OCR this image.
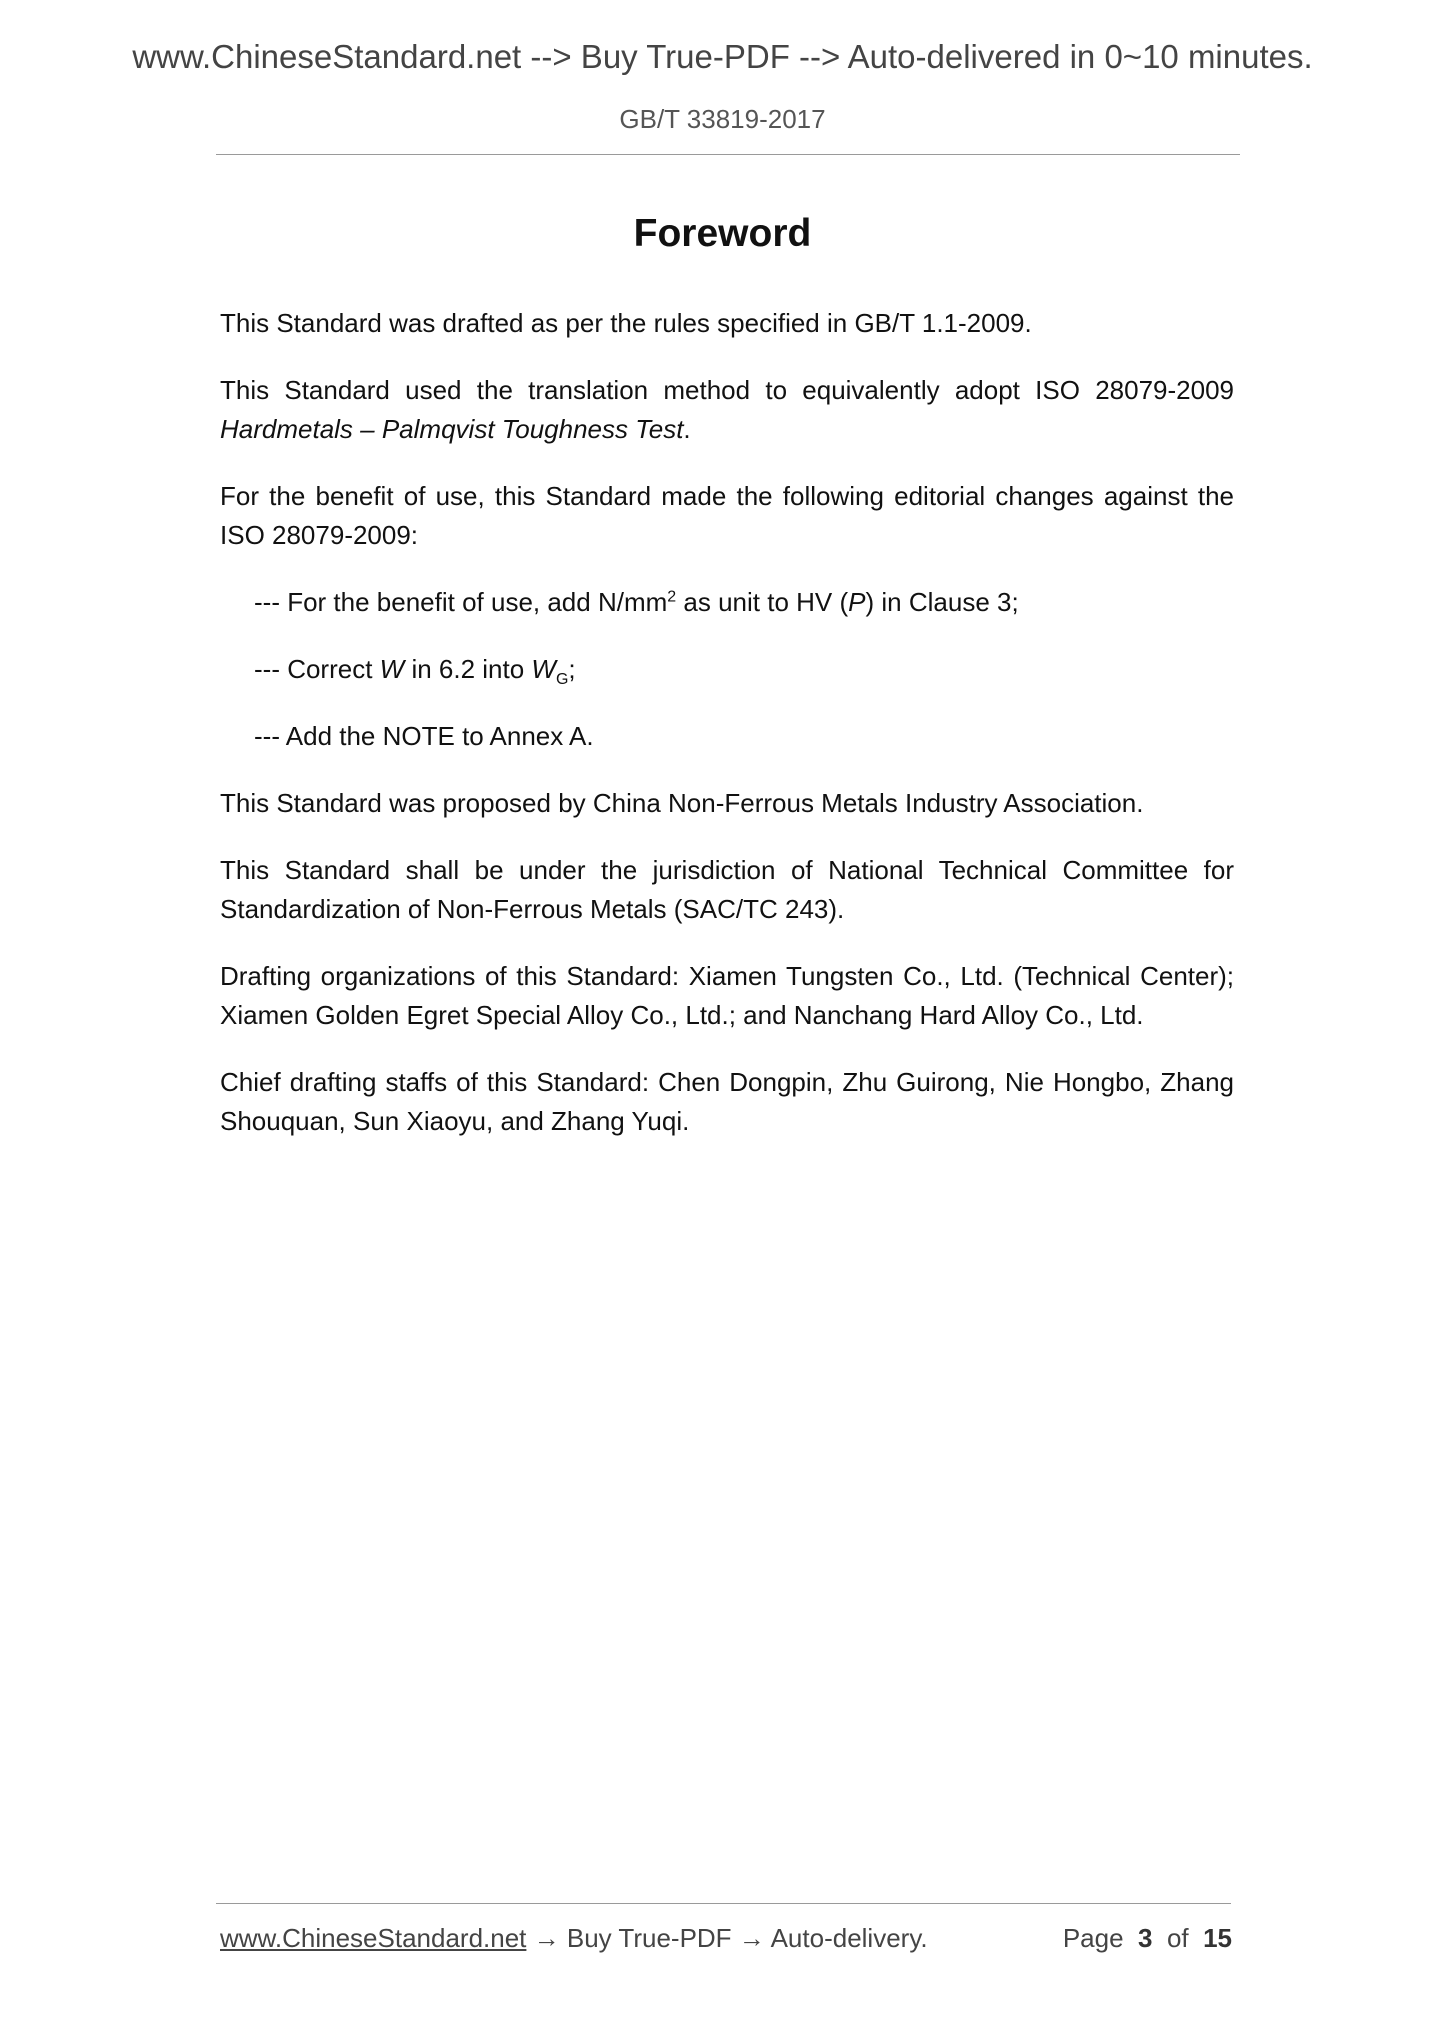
www.ChineseStandard.net --> Buy True-PDF --> Auto-delivered in 0~10 minutes.
GB/T 33819-2017
Foreword

This Standard was drafted as per the rules specified in GB/T 1.1-2009.

This Standard used the translation method to equivalently adopt ISO 28079-2009 Hardmetals – Palmqvist Toughness Test.

For the benefit of use, this Standard made the following editorial changes against the ISO 28079-2009:

--- For the benefit of use, add $N/mm^2$ as unit to HV (P) in Clause 3;

--- Correct W in 6.2 into $W_G$;

--- Add the NOTE to Annex A.

This Standard was proposed by China Non-Ferrous Metals Industry Association.

This Standard shall be under the jurisdiction of National Technical Committee for Standardization of Non-Ferrous Metals (SAC/TC 243).

Drafting organizations of this Standard: Xiamen Tungsten Co., Ltd. (Technical Center); Xiamen Golden Egret Special Alloy Co., Ltd.; and Nanchang Hard Alloy Co., Ltd.

Chief drafting staffs of this Standard: Chen Dongpin, Zhu Guirong, Nie Hongbo, Zhang Shouquan, Sun Xiaoyu, and Zhang Yuqi.

www.ChineseStandard.net → Buy True-PDF → Auto-delivery.	Page 3 of 15
